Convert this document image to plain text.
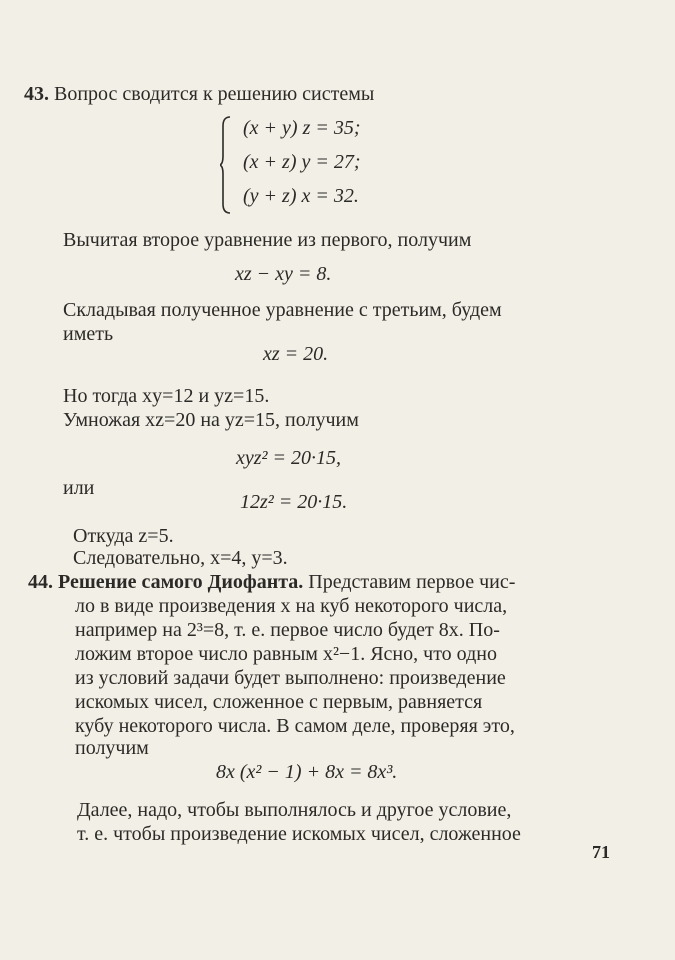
43. Вопрос сводится к решению системы
(x + y) z = 35;
(x + z) y = 27;
(y + z) x = 32.
Вычитая второе уравнение из первого, получим
xz − xy = 8.
Складывая полученное уравнение с третьим, будем
иметь
xz = 20.
Но тогда xy=12 и yz=15.
Умножая xz=20 на yz=15, получим
xyz² = 20·15,
или
12z² = 20·15.
Откуда z=5.
Следовательно, x=4, y=3.
44. Решение самого Диофанта. Представим первое чис-
ло в виде произведения x на куб некоторого числа,
например на 2³=8, т. е. первое число будет 8x. По-
ложим второе число равным x²−1. Ясно, что одно
из условий задачи будет выполнено: произведение
искомых чисел, сложенное с первым, равняется
кубу некоторого числа. В самом деле, проверяя это,
получим
8x (x² − 1) + 8x = 8x³.
Далее, надо, чтобы выполнялось и другое условие,
т. е. чтобы произведение искомых чисел, сложенное
71
